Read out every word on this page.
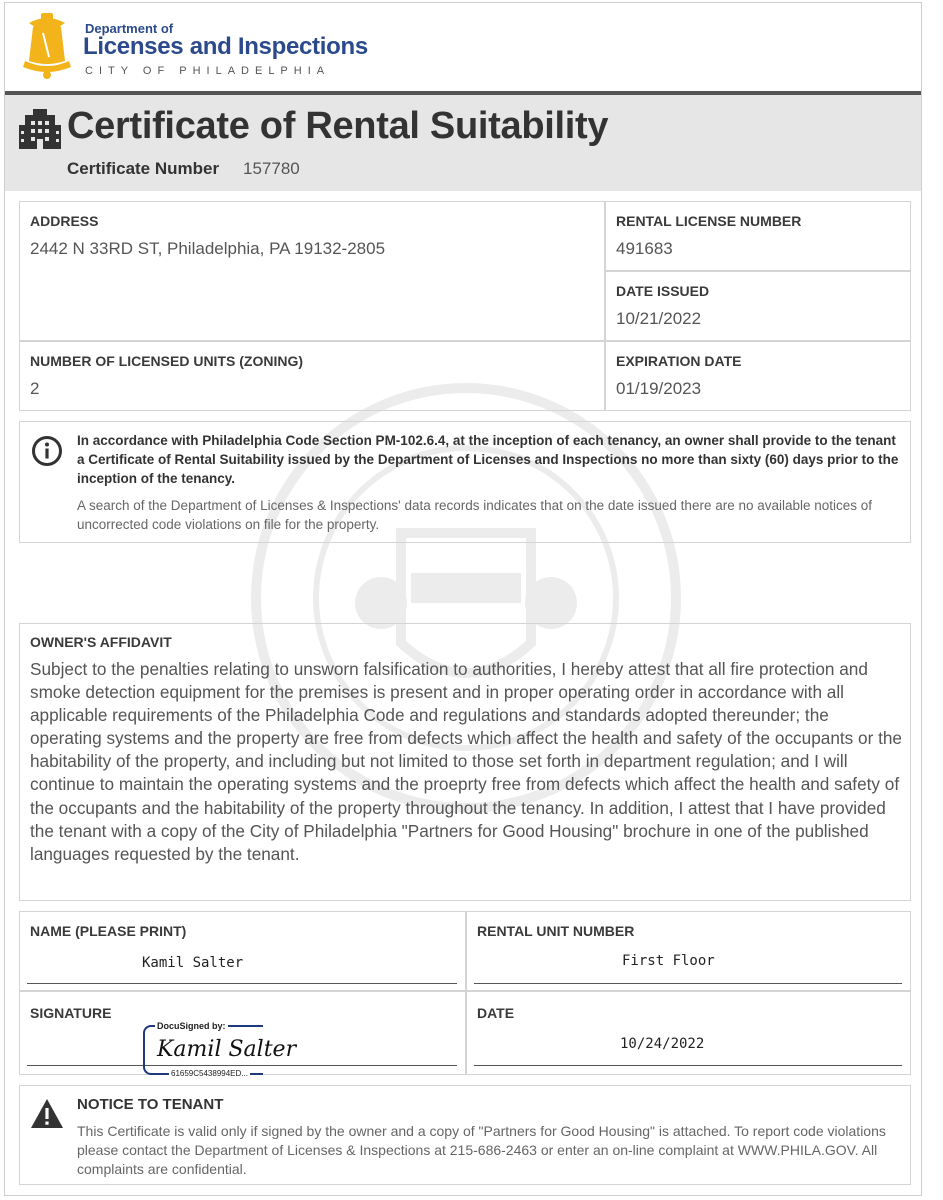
Department of
Licenses and Inspections
CITY OF PHILADELPHIA
Certificate of Rental Suitability
Certificate Number 157780
ADDRESS
2442 N 33RD ST, Philadelphia, PA 19132-2805
RENTAL LICENSE NUMBER
491683
DATE ISSUED
10/21/2022
NUMBER OF LICENSED UNITS (ZONING)
2
EXPIRATION DATE
01/19/2023
In accordance with Philadelphia Code Section PM-102.6.4, at the inception of each tenancy, an owner shall provide to the tenant a Certificate of Rental Suitability issued by the Department of Licenses and Inspections no more than sixty (60) days prior to the inception of the tenancy.
A search of the Department of Licenses & Inspections' data records indicates that on the date issued there are no available notices of uncorrected code violations on file for the property.
OWNER'S AFFIDAVIT
Subject to the penalties relating to unsworn falsification to authorities, I hereby attest that all fire protection and smoke detection equipment for the premises is present and in proper operating order in accordance with all applicable requirements of the Philadelphia Code and regulations and standards adopted thereunder; the operating systems and the property are free from defects which affect the health and safety of the occupants or the habitability of the property, and including but not limited to those set forth in department regulation; and I will continue to maintain the operating systems and the proeprty free from defects which affect the health and safety of the occupants and the habitability of the property throughout the tenancy. In addition, I attest that I have provided the tenant with a copy of the City of Philadelphia "Partners for Good Housing" brochure in one of the published languages requested by the tenant.
NAME (PLEASE PRINT)
Kamil Salter
RENTAL UNIT NUMBER
First Floor
SIGNATURE
DocuSigned by:
Kamil Salter
61659C5438994ED...
DATE
10/24/2022
NOTICE TO TENANT
This Certificate is valid only if signed by the owner and a copy of "Partners for Good Housing" is attached. To report code violations please contact the Department of Licenses & Inspections at 215-686-2463 or enter an on-line complaint at WWW.PHILA.GOV. All complaints are confidential.
